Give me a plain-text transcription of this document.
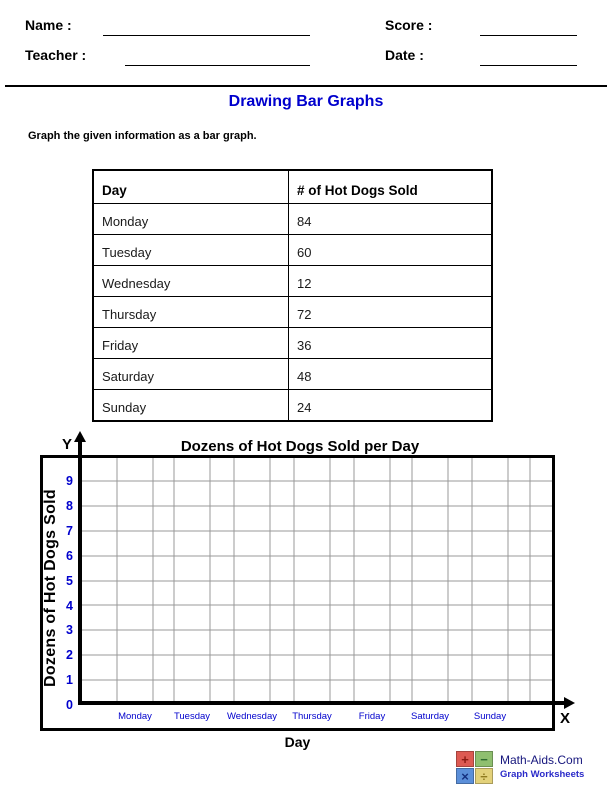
Name :	Score :
Teacher :	Date :
Drawing Bar Graphs
Graph the given information as a bar graph.
Day	# of Hot Dogs Sold
Monday	84
Tuesday	60
Wednesday	12
Thursday	72
Friday	36
Saturday	48
Sunday	24
Dozens of Hot Dogs Sold per Day
Y
Dozens of Hot Dogs Sold
9
8
7
6
5
4
3
2
1
0
X
Monday	Tuesday	Wednesday	Thursday	Friday	Saturday	Sunday
Day
+ −
× ÷
Math-Aids.Com
Graph Worksheets
